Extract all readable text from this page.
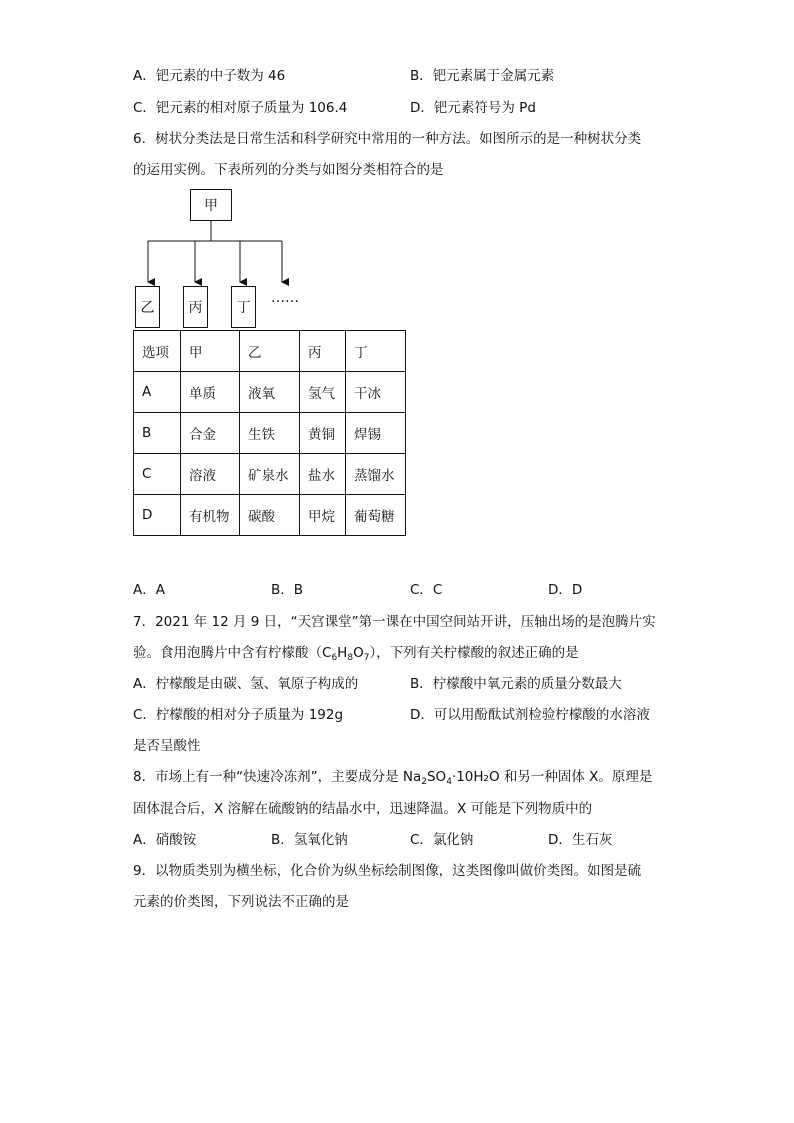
A．钯元素的中子数为 46	B．钯元素属于金属元素
C．钯元素的相对原子质量为 106.4	D．钯元素符号为 Pd
6．树状分类法是日常生活和科学研究中常用的一种方法。如图所示的是一种树状分类
的运用实例。下表所列的分类与如图分类相符合的是
甲
乙	丙	丁
……
选项	甲	乙	丙	丁
A	单质	液氧	氢气	干冰
B	合金	生铁	黄铜	焊锡
C	溶液	矿泉水	盐水	蒸馏水
D	有机物	碳酸	甲烷	葡萄糖
A．A	B．B	C．C	D．D
7．2021 年 12 月 9 日，“天宫课堂”第一课在中国空间站开讲，压轴出场的是泡腾片实
验。食用泡腾片中含有柠檬酸$(C_6H_8O_7)$，下列有关柠檬酸的叙述正确的是
A．柠檬酸是由碳、氢、氧原子构成的	B．柠檬酸中氧元素的质量分数最大
C．柠檬酸的相对分子质量为 192g	D．可以用酚酞试剂检验柠檬酸的水溶液
是否呈酸性
8．市场上有一种“快速冷冻剂”，主要成分是 $Na_2SO_4\cdot 10H_2O$ 和另一种固体 X。原理是
固体混合后，X 溶解在硫酸钠的结晶水中，迅速降温。X 可能是下列物质中的
A．硝酸铵	B．氢氧化钠	C．氯化钠	D．生石灰
9．以物质类别为横坐标，化合价为纵坐标绘制图像，这类图像叫做价类图。如图是硫
元素的价类图，下列说法不正确的是
